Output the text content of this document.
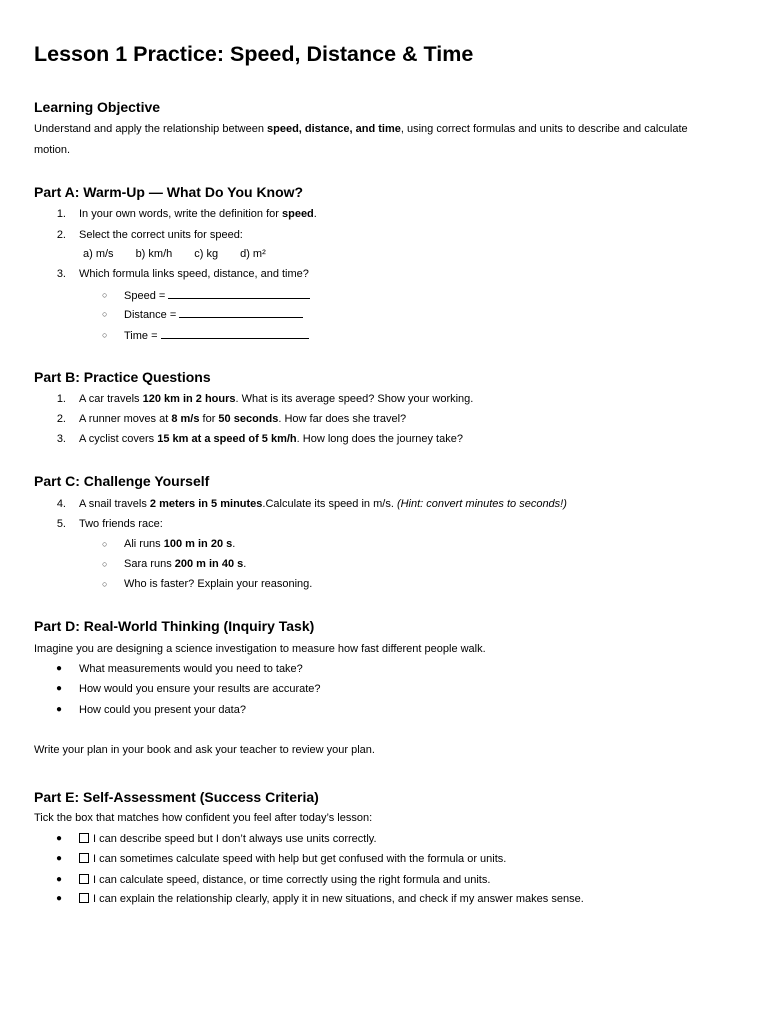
Lesson 1 Practice: Speed, Distance & Time
Learning Objective
Understand and apply the relationship between speed, distance, and time, using correct formulas and units to describe and calculate
motion.
Part A: Warm-Up — What Do You Know?
1. In your own words, write the definition for speed.
2. Select the correct units for speed:
a) m/s b) km/h c) kg d) m²
3. Which formula links speed, distance, and time?
○ Speed =
○ Distance =
○ Time =
Part B: Practice Questions
1. A car travels 120 km in 2 hours. What is its average speed? Show your working.
2. A runner moves at 8 m/s for 50 seconds. How far does she travel?
3. A cyclist covers 15 km at a speed of 5 km/h. How long does the journey take?
Part C: Challenge Yourself
4. A snail travels 2 meters in 5 minutes.Calculate its speed in m/s. (Hint: convert minutes to seconds!)
5. Two friends race:
○ Ali runs 100 m in 20 s.
○ Sara runs 200 m in 40 s.
○ Who is faster? Explain your reasoning.
Part D: Real-World Thinking (Inquiry Task)
Imagine you are designing a science investigation to measure how fast different people walk.
● What measurements would you need to take?
● How would you ensure your results are accurate?
● How could you present your data?
Write your plan in your book and ask your teacher to review your plan.
Part E: Self-Assessment (Success Criteria)
Tick the box that matches how confident you feel after today’s lesson:
●	I can describe speed but I don’t always use units correctly.
●	I can sometimes calculate speed with help but get confused with the formula or units.
●	I can calculate speed, distance, or time correctly using the right formula and units.
●	I can explain the relationship clearly, apply it in new situations, and check if my answer makes sense.
